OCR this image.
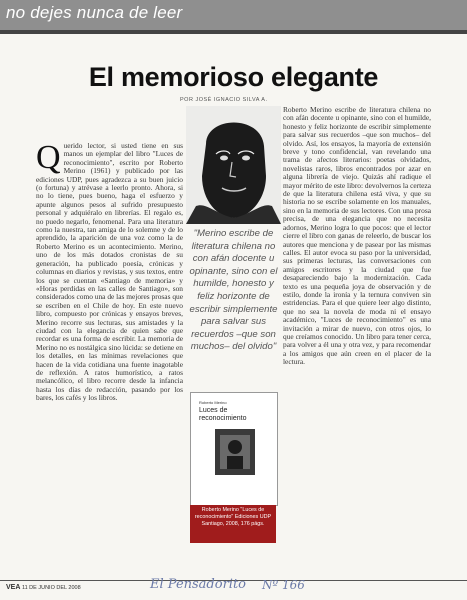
no dejes nunca de leer
El memorioso elegante
POR JOSÉ IGNACIO SILVA A.
Querido lector, si usted tiene en sus manos un ejemplar del libro "Luces de reconocimiento", escrito por Roberto Merino (1961) y publicado por las ediciones UDP, pues agradezca a su buen juicio (o fortuna) y atrévase a leerlo pronto. Ahora, si no lo tiene, pues bueno, haga el esfuerzo y apunte algunos pesos al sufrido presupuesto personal y adquiéralo en librerías. El regalo es, no puedo negarlo, fenomenal. Para una literatura como la nuestra, tan amiga de lo solemne y de lo aprendido, la aparición de una voz como la de Roberto Merino es un acontecimiento. Merino, uno de los más dotados cronistas de su generación, ha publicado poesía, crónicas y columnas en diarios y revistas, y sus textos, entre los que se cuentan «Santiago de memoria» y «Horas perdidas en las calles de Santiago», son considerados como una de las mejores prosas que se escriben en el Chile de hoy. En este nuevo libro, compuesto por crónicas y ensayos breves, Merino recorre sus lecturas, sus amistades y la ciudad con la elegancia de quien sabe que recordar es una forma de escribir. La memoria de Merino no es nostálgica sino lúcida: se detiene en los detalles, en las mínimas revelaciones que hacen de la vida cotidiana una fuente inagotable de reflexión. A ratos humorístico, a ratos melancólico, el libro recorre desde la infancia hasta los días de redacción, pasando por los bares, los cafés y los libros.
"Merino escribe de literatura chilena no con afán docente u opinante, sino con el humilde, honesto y feliz horizonte de escribir simplemente para salvar sus recuerdos –que son muchos– del olvido"
Roberto Merino
Luces de reconocimiento
Roberto Merino "Luces de reconocimiento" Ediciones UDP Santiago, 2008, 176 págs.
Roberto Merino escribe de literatura chilena no con afán docente u opinante, sino con el humilde, honesto y feliz horizonte de escribir simplemente para salvar sus recuerdos –que son muchos– del olvido. Así, los ensayos, la mayoría de extensión breve y tono confidencial, van revelando una trama de afectos literarios: poetas olvidados, novelistas raros, libros encontrados por azar en alguna librería de viejo. Quizás ahí radique el mayor mérito de este libro: devolvernos la certeza de que la literatura chilena está viva, y que su historia no se escribe solamente en los manuales, sino en la memoria de sus lectores. Con una prosa precisa, de una elegancia que no necesita adornos, Merino logra lo que pocos: que el lector cierre el libro con ganas de releerlo, de buscar los autores que menciona y de pasear por las mismas calles. El autor evoca su paso por la universidad, sus primeras lecturas, las conversaciones con amigos escritores y la ciudad que fue desapareciendo bajo la modernización. Cada texto es una pequeña joya de observación y de estilo, donde la ironía y la ternura conviven sin estridencias. Para el que quiere leer algo distinto, que no sea la novela de moda ni el ensayo académico, "Luces de reconocimiento" es una invitación a mirar de nuevo, con otros ojos, lo que creíamos conocido. Un libro para tener cerca, para volver a él una y otra vez, y para recomendar a los amigos que aún creen en el placer de la lectura.
VEA 11 DE JUNIO DEL 2008	El Pensadorito Nº 166
